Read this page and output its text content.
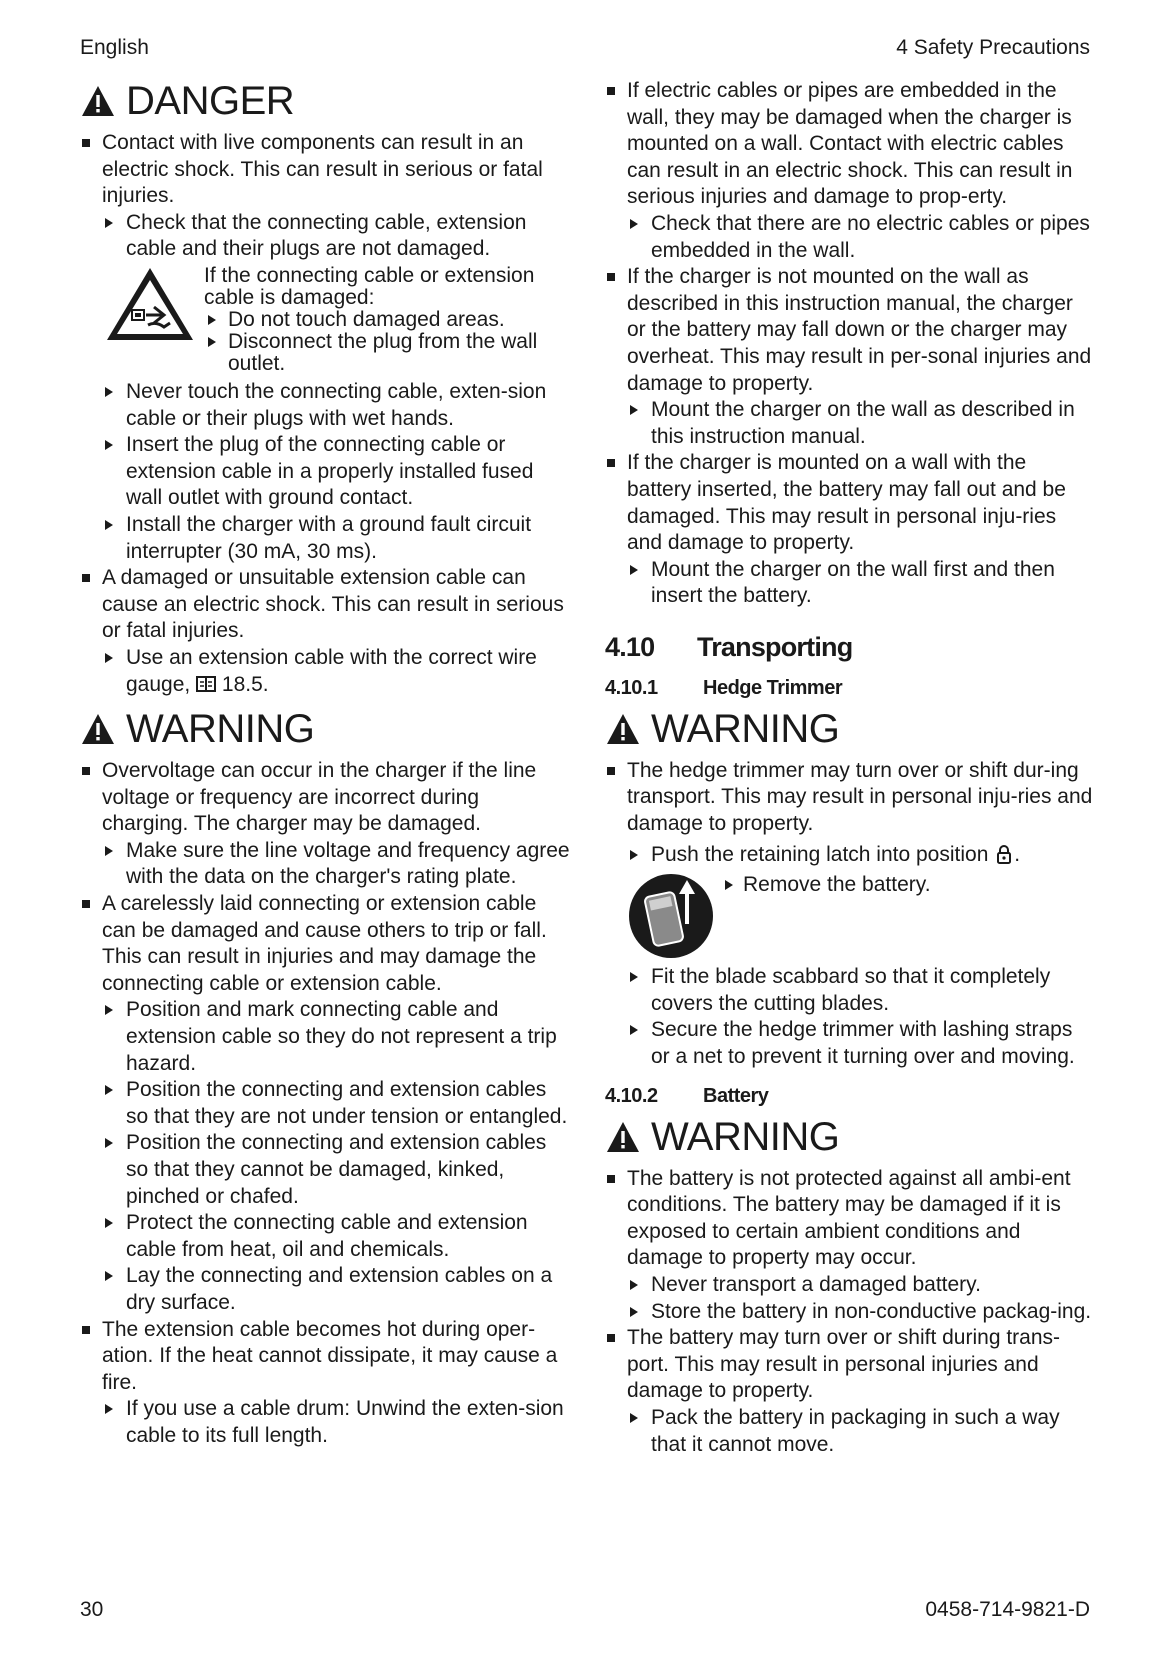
English	4 Safety Precautions
DANGER
Contact with live components can result in an electric shock. This can result in serious or fatal injuries.
Check that the connecting cable, extension cable and their plugs are not damaged.
If the connecting cable or extension cable is damaged:
Do not touch damaged areas.
Disconnect the plug from the wall outlet.
Never touch the connecting cable, exten-sion cable or their plugs with wet hands.
Insert the plug of the connecting cable or extension cable in a properly installed fused wall outlet with ground contact.
Install the charger with a ground fault circuit interrupter (30 mA, 30 ms).
A damaged or unsuitable extension cable can cause an electric shock. This can result in serious or fatal injuries.
Use an extension cable with the correct wire gauge, 18.5.
WARNING
Overvoltage can occur in the charger if the line voltage or frequency are incorrect during charging. The charger may be damaged.
Make sure the line voltage and frequency agree with the data on the charger's rating plate.
A carelessly laid connecting or extension cable can be damaged and cause others to trip or fall. This can result in injuries and may damage the connecting cable or extension cable.
Position and mark connecting cable and extension cable so they do not represent a trip hazard.
Position the connecting and extension cables so that they are not under tension or entangled.
Position the connecting and extension cables so that they cannot be damaged, kinked, pinched or chafed.
Protect the connecting cable and extension cable from heat, oil and chemicals.
Lay the connecting and extension cables on a dry surface.
The extension cable becomes hot during oper-ation. If the heat cannot dissipate, it may cause a fire.
If you use a cable drum: Unwind the exten-sion cable to its full length.
If electric cables or pipes are embedded in the wall, they may be damaged when the charger is mounted on a wall. Contact with electric cables can result in an electric shock. This can result in serious injuries and damage to prop-erty.
Check that there are no electric cables or pipes embedded in the wall.
If the charger is not mounted on the wall as described in this instruction manual, the charger or the battery may fall down or the charger may overheat. This may result in per-sonal injuries and damage to property.
Mount the charger on the wall as described in this instruction manual.
If the charger is mounted on a wall with the battery inserted, the battery may fall out and be damaged. This may result in personal inju-ries and damage to property.
Mount the charger on the wall first and then insert the battery.
4.10	Transporting
4.10.1	Hedge Trimmer
WARNING
The hedge trimmer may turn over or shift dur-ing transport. This may result in personal inju-ries and damage to property.
Push the retaining latch into position .
Remove the battery.
Fit the blade scabbard so that it completely covers the cutting blades.
Secure the hedge trimmer with lashing straps or a net to prevent it turning over and moving.
4.10.2	Battery
WARNING
The battery is not protected against all ambi-ent conditions. The battery may be damaged if it is exposed to certain ambient conditions and damage to property may occur.
Never transport a damaged battery.
Store the battery in non-conductive packag-ing.
The battery may turn over or shift during trans-port. This may result in personal injuries and damage to property.
Pack the battery in packaging in such a way that it cannot move.
30	0458-714-9821-D
